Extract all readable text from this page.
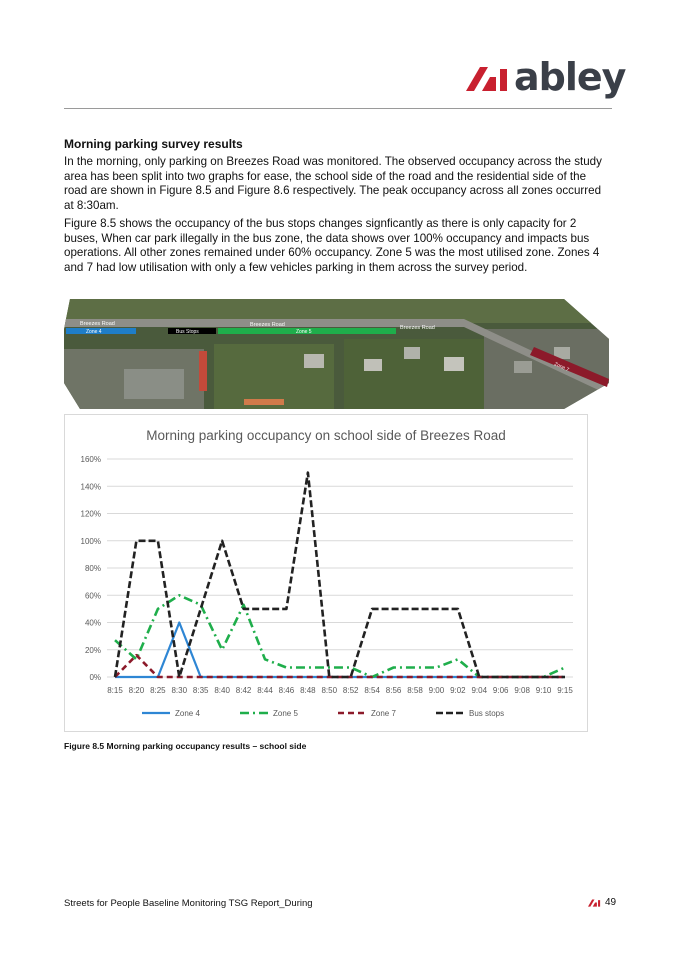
abley
Morning parking survey results

In the morning, only parking on Breezes Road was monitored. The observed occupancy across the study area has been split into two graphs for ease, the school side of the road and the residential side of the road are shown in Figure 8.5 and Figure 8.6 respectively. The peak occupancy across all zones occurred at 8:30am.

Figure 8.5 shows the occupancy of the bus stops changes signficantly as there is only capacity for 2 buses, When car park illegally in the bus zone, the data shows over 100% occupancy and impacts bus operations. All other zones remained under 60% occupancy. Zone 5 was the most utilised zone. Zones 4 and 7 had low utilisation with only a few vehicles parking in them across the survey period.

Breezes Road	Breezes Road	Breezes Road
Zone 4	Bus Stops	Zone 5
Zone 7
Morning parking occupancy on school side of Breezes Road
0%
20%
40%
60%
80%
100%
120%
140%
160%
8:15 8:20 8:25 8:30 8:35 8:40 8:42 8:44 8:46 8:48 8:50 8:52 8:54 8:56 8:58 9:00 9:02 9:04 9:06 9:08 9:10 9:15
Zone 4	Zone 5	Zone 7	Bus stops

Figure 8.5 Morning parking occupancy results – school side

Streets for People Baseline Monitoring TSG Report_During	49
